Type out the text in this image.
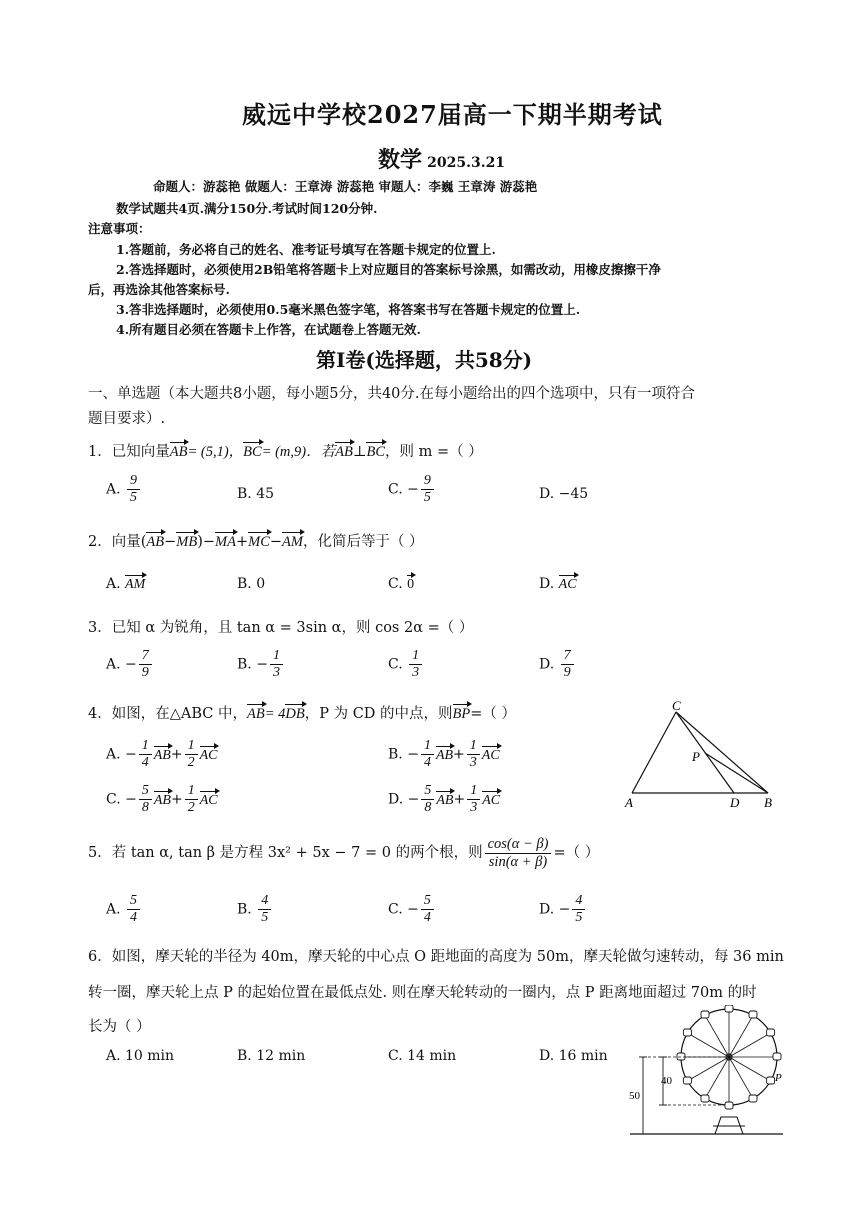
威远中学校2027届高一下期半期考试
数学 2025.3.21
命题人：游蕊艳 做题人：王章涛 游蕊艳 审题人：李巍 王章涛 游蕊艳
数学试题共4页.满分150分.考试时间120分钟.
注意事项：
1.答题前，务必将自己的姓名、准考证号填写在答题卡规定的位置上.
2.答选择题时，必须使用2B铅笔将答题卡上对应题目的答案标号涂黑，如需改动，用橡皮擦擦干净
后，再选涂其他答案标号.
3.答非选择题时，必须使用0.5毫米黑色签字笔，将答案书写在答题卡规定的位置上.
4.所有题目必须在答题卡上作答，在试题卷上答题无效.
第Ⅰ卷(选择题，共58分)
一、单选题（本大题共8小题，每小题5分，共40分.在每小题给出的四个选项中，只有一项符合
题目要求）.
1．已知向量AB= (5,1)，BC= (m,9)．若AB⊥BC，则 m =（ ）
A. $\frac{9}{5}$	B. 45	C. − $\frac{9}{5}$	D. −45
2．向量(AB−MB)−MA+MC−AM，化简后等于（ ）
A. AM	B. 0	C. 0	D. AC
3．已知 α 为锐角，且 tan α = 3sin α，则 cos 2α =（ ）
A. − $\frac{7}{9}$	B. − $\frac{1}{3}$	C. $\frac{1}{3}$	D. $\frac{7}{9}$
4．如图，在△ABC 中，AB= 4DB，P 为 CD 的中点，则BP=（ ）
A. − $\frac{1}{4} AB+ \frac{1}{2}$ AC	B. − $\frac{1}{4} AB+ \frac{1}{3}$ AC
C. − $\frac{5}{8} AB+ \frac{1}{2}$ AC	D. − $\frac{5}{8} AB+ \frac{1}{3}$ AC
C
P
A	D B
5．若 tan α, tan β 是方程 3x² + 5x − 7 = 0 的两个根，则 $\frac{\cos(\alpha - \beta)}{\sin(\alpha + \beta)}$ =（ ）
A. $\frac{5}{4}$	B. $\frac{4}{5}$	C. − $\frac{5}{4}$	D. − $\frac{4}{5}$
6．如图，摩天轮的半径为 40m，摩天轮的中心点 O 距地面的高度为 50m，摩天轮做匀速转动，每 36 min
转一圈，摩天轮上点 P 的起始位置在最低点处. 则在摩天轮转动的一圈内，点 P 距离地面超过 70m 的时
长为（ ）
A. 10 min	B. 12 min	C. 14 min	D. 16 min
40
50
P
